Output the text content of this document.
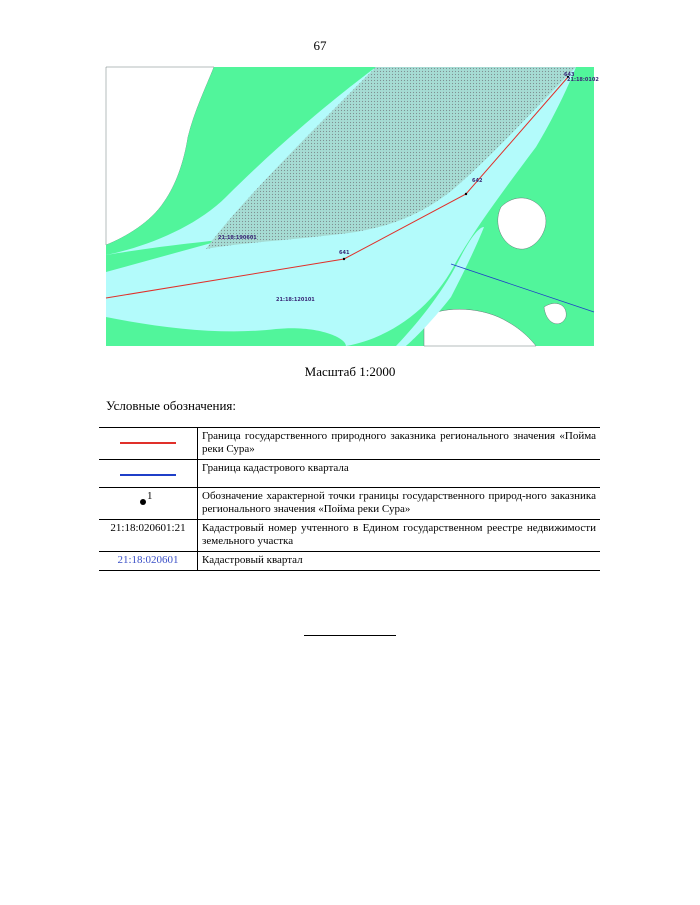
67
641
642
643
21:18:190601
21:18:120101
21:18:0102
Масштаб 1:2000
Условные обозначения:
	Граница государственного природного заказника регионального значения «Пойма реки Сура»

	Граница кадастрового квартала

1	Обозначение характерной точки границы государственного природ-ного заказника регионального значения «Пойма реки Сура»
21:18:020601:21	Кадастровый номер учтенного в Едином государственном реестре недвижимости земельного участка
21:18:020601	Кадастровый квартал
